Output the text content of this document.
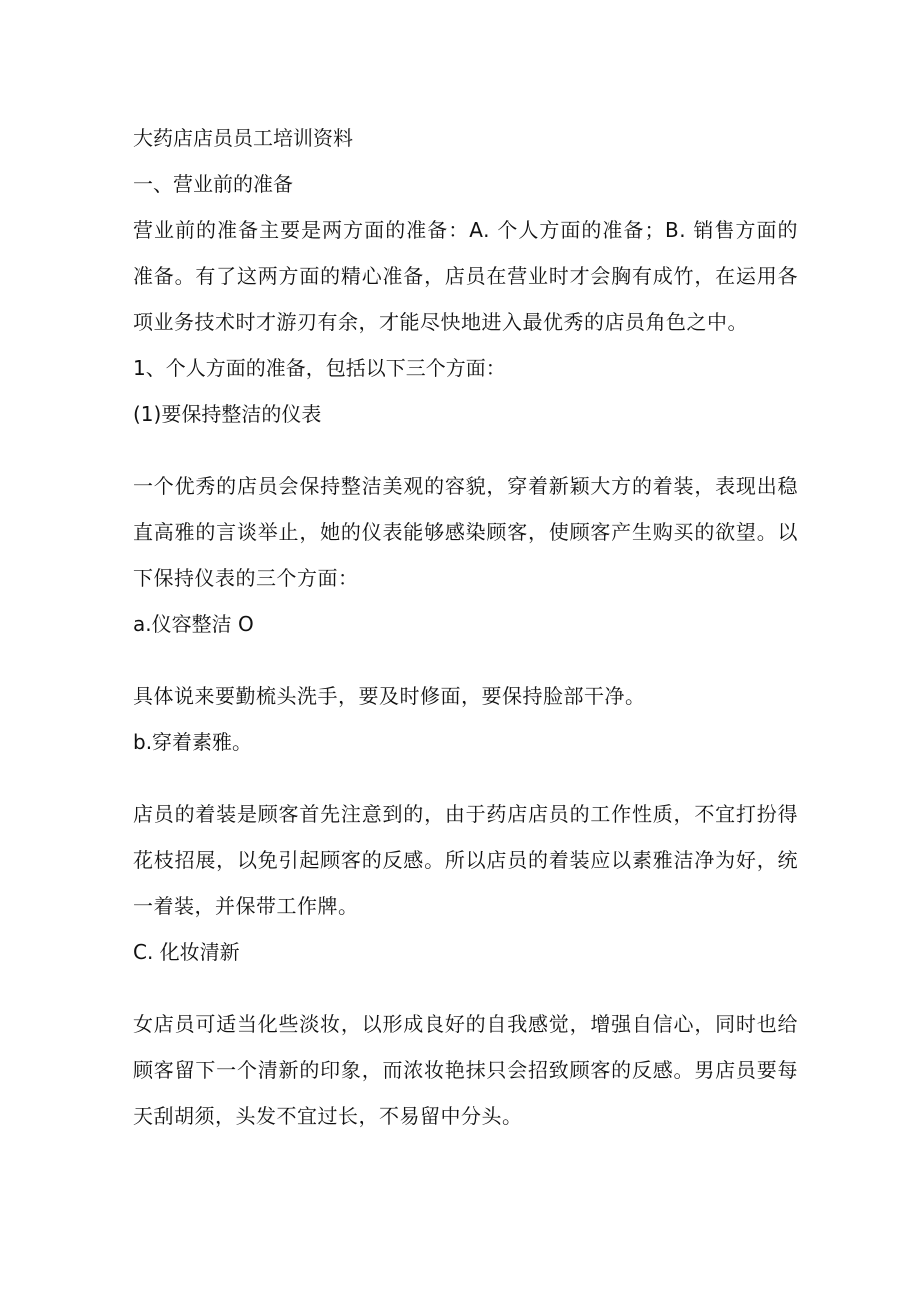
大药店店员员工培训资料

一、营业前的准备

营业前的准备主要是两方面的准备：A. 个人方面的准备；B. 销售方面的准备。有了这两方面的精心准备，店员在营业时才会胸有成竹，在运用各项业务技术时才游刃有余，才能尽快地进入最优秀的店员角色之中。

1、个人方面的准备，包括以下三个方面：

(1)要保持整洁的仪表

一个优秀的店员会保持整洁美观的容貌，穿着新颖大方的着装，表现出稳直高雅的言谈举止，她的仪表能够感染顾客，使顾客产生购买的欲望。以下保持仪表的三个方面：

a.仪容整洁 O

具体说来要勤梳头洗手，要及时修面，要保持脸部干净。

b.穿着素雅。

店员的着装是顾客首先注意到的，由于药店店员的工作性质，不宜打扮得花枝招展，以免引起顾客的反感。所以店员的着装应以素雅洁净为好，统一着装，并保带工作牌。

C. 化妆清新

女店员可适当化些淡妆，以形成良好的自我感觉，增强自信心，同时也给顾客留下一个清新的印象，而浓妆艳抹只会招致顾客的反感。男店员要每天刮胡须，头发不宜过长，不易留中分头。
